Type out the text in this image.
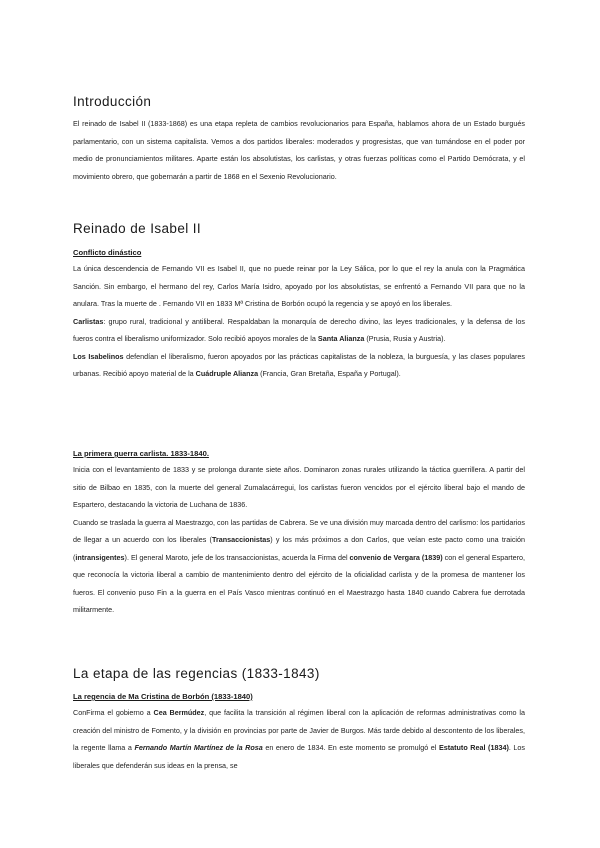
Introducción

El reinado de Isabel II (1833-1868) es una etapa repleta de cambios revolucionarios para España, hablamos ahora de un Estado burgués parlamentario, con un sistema capitalista. Vemos a dos partidos liberales: moderados y progresistas, que van turnándose en el poder por medio de pronunciamientos militares. Aparte están los absolutistas, los carlistas, y otras fuerzas políticas como el Partido Demócrata, y el movimiento obrero, que gobernarán a partir de 1868 en el Sexenio Revolucionario.

Reinado de Isabel II
Conflicto dinástico

La única descendencia de Fernando VII es Isabel II, que no puede reinar por la Ley Sálica, por lo que el rey la anula con la Pragmática Sanción. Sin embargo, el hermano del rey, Carlos María Isidro, apoyado por los absolutistas, se enfrentó a Fernando VII para que no la anulara. Tras la muerte de . Fernando VII en 1833 Mª Cristina de Borbón ocupó la regencia y se apoyó en los liberales.

Carlistas: grupo rural, tradicional y antiliberal. Respaldaban la monarquía de derecho divino, las leyes tradicionales, y la defensa de los fueros contra el liberalismo uniformizador. Solo recibió apoyos morales de la Santa Alianza (Prusia, Rusia y Austria).

Los Isabelinos defendían el liberalismo, fueron apoyados por las prácticas capitalistas de la nobleza, la burguesía, y las clases populares urbanas. Recibió apoyo material de la Cuádruple Alianza (Francia, Gran Bretaña, España y Portugal).

La primera guerra carlista. 1833-1840.

Inicia con el levantamiento de 1833 y se prolonga durante siete años. Dominaron zonas rurales utilizando la táctica guerrillera. A partir del sitio de Bilbao en 1835, con la muerte del general Zumalacárregui, los carlistas fueron vencidos por el ejército liberal bajo el mando de Espartero, destacando la victoria de Luchana de 1836.

Cuando se traslada la guerra al Maestrazgo, con las partidas de Cabrera. Se ve una división muy marcada dentro del carlismo: los partidarios de llegar a un acuerdo con los liberales (Transaccionistas) y los más próximos a don Carlos, que veían este pacto como una traición (intransigentes). El general Maroto, jefe de los transaccionistas, acuerda la Firma del convenio de Vergara (1839) con el general Espartero, que reconocía la victoria liberal a cambio de mantenimiento dentro del ejército de la oficialidad carlista y de la promesa de mantener los fueros. El convenio puso Fin a la guerra en el País Vasco mientras continuó en el Maestrazgo hasta 1840 cuando Cabrera fue derrotada militarmente.

La etapa de las regencias (1833-1843)
La regencia de Ma Cristina de Borbón (1833-1840)

ConFirma el gobierno a Cea Bermúdez, que facilita la transición al régimen liberal con la aplicación de reformas administrativas como la creación del ministro de Fomento, y la división en provincias por parte de Javier de Burgos. Más tarde debido al descontento de los liberales, la regente llama a Fernando Martín Martínez de la Rosa en enero de 1834. En este momento se promulgó el Estatuto Real (1834). Los liberales que defenderán sus ideas en la prensa, se
